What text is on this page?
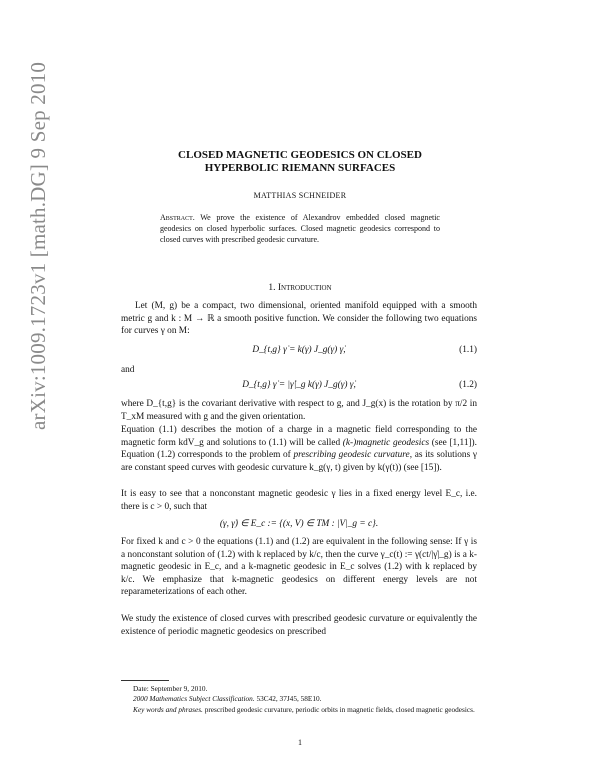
arXiv:1009.1723v1 [math.DG] 9 Sep 2010	CLOSED MAGNETIC GEODESICS ON CLOSED
HYPERBOLIC RIEMANN SURFACES
MATTHIAS SCHNEIDER
Abstract. We prove the existence of Alexandrov embedded closed magnetic geodesics on closed hyperbolic surfaces. Closed magnetic geodesics correspond to closed curves with prescribed geodesic curvature.
1. Introduction

Let (M, g) be a compact, two dimensional, oriented manifold equipped with a smooth metric g and k : M → ℝ a smooth positive function. We consider the following two equations for curves γ on M:

D_{t,g} γ̇ = k(γ) J_g(γ) γ̇,	(1.1)

and

D_{t,g} γ̇ = |γ̇|_g k(γ) J_g(γ) γ̇,	(1.2)

where D_{t,g} is the covariant derivative with respect to g, and J_g(x) is the rotation by π/2 in T_xM measured with g and the given orientation.

Equation (1.1) describes the motion of a charge in a magnetic field corresponding to the magnetic form kdV_g and solutions to (1.1) will be called (k-)magnetic geodesics (see [1,11]). Equation (1.2) corresponds to the problem of prescribing geodesic curvature, as its solutions γ are constant speed curves with geodesic curvature k_g(γ, t) given by k(γ(t)) (see [15]).

It is easy to see that a nonconstant magnetic geodesic γ lies in a fixed energy level E_c, i.e. there is c > 0, such that

(γ, γ̇) ∈ E_c := {(x, V) ∈ TM : |V|_g = c}.

For fixed k and c > 0 the equations (1.1) and (1.2) are equivalent in the following sense: If γ is a nonconstant solution of (1.2) with k replaced by k/c, then the curve γ_c(t) := γ(ct/|γ̇|_g) is a k-magnetic geodesic in E_c, and a k-magnetic geodesic in E_c solves (1.2) with k replaced by k/c. We emphasize that k-magnetic geodesics on different energy levels are not reparameterizations of each other.

We study the existence of closed curves with prescribed geodesic curvature or equivalently the existence of periodic magnetic geodesics on prescribed

Date: September 9, 2010.

2000 Mathematics Subject Classification. 53C42, 37J45, 58E10.

Key words and phrases. prescribed geodesic curvature, periodic orbits in magnetic fields, closed magnetic geodesics.

1
